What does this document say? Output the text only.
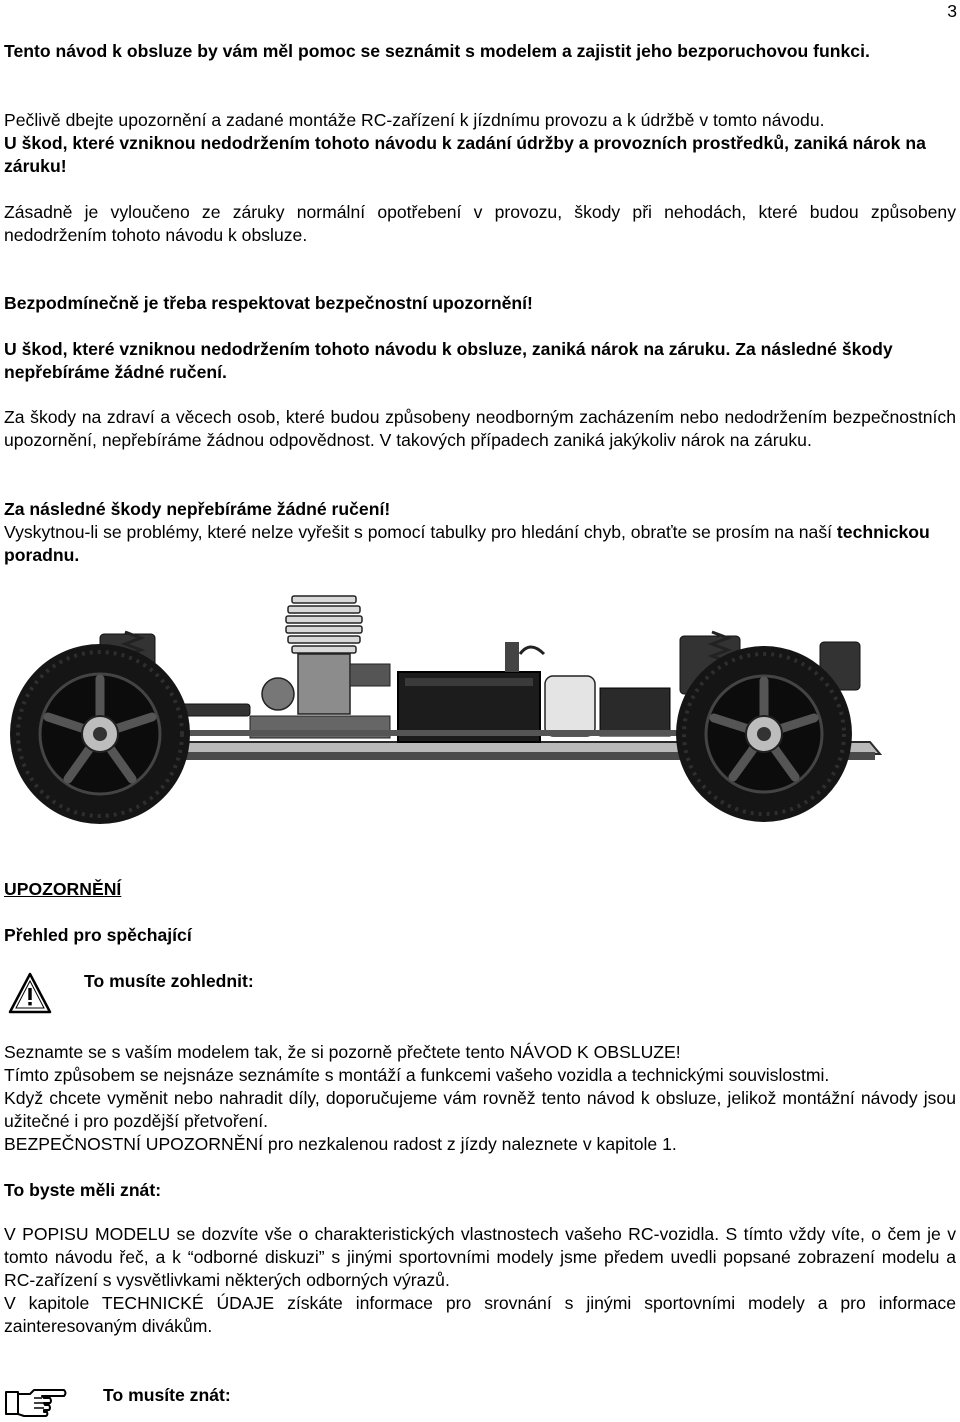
3

Tento návod k obsluze by vám měl pomoc se seznámit s modelem a zajistit jeho bezporuchovou funkci.

Pečlivě dbejte upozornění a zadané montáže RC-zařízení k jízdnímu provozu a k údržbě v tomto návodu.
U škod, které vzniknou nedodržením tohoto návodu k zadání údržby a provozních prostředků, zaniká nárok na záruku!

Zásadně je vyloučeno ze záruky normální opotřebení v provozu, škody při nehodách, které budou způsobeny nedodržením tohoto návodu k obsluze.

Bezpodmínečně je třeba respektovat bezpečnostní upozornění!

U škod, které vzniknou nedodržením tohoto návodu k obsluze, zaniká nárok na záruku. Za následné škody nepřebíráme žádné ručení.

Za škody na zdraví a věcech osob, které budou způsobeny neodborným zacházením nebo nedodržením bezpečnostních upozornění, nepřebíráme žádnou odpovědnost. V takových případech zaniká jakýkoliv nárok na záruku.

Za následné škody nepřebíráme žádné ručení!
Vyskytnou-li se problémy, které nelze vyřešit s pomocí tabulky pro hledání chyb, obraťte se prosím na naší technickou poradnu.

UPOZORNĚNÍ

Přehled pro spěchající

To musíte zohlednit:

Seznamte se s vaším modelem tak, že si pozorně přečtete tento NÁVOD K OBSLUZE!
Tímto způsobem se nejsnáze seznámíte s montáží a funkcemi vašeho vozidla a technickými souvislostmi.

Když chcete vyměnit nebo nahradit díly, doporučujeme vám rovněž tento návod k obsluze, jelikož montážní návody jsou užitečné i pro pozdější přetvoření.
BEZPEČNOSTNÍ UPOZORNĚNÍ pro nezkalenou radost z jízdy naleznete v kapitole 1.

To byste měli znát:

V POPISU MODELU se dozvíte vše o charakteristických vlastnostech vašeho RC-vozidla. S tímto vždy víte, o čem je v tomto návodu řeč, a k “odborné diskuzi” s jinými sportovními modely jsme předem uvedli popsané zobrazení modelu a RC-zařízení s vysvětlivkami některých odborných výrazů.
V kapitole TECHNICKÉ ÚDAJE získáte informace pro srovnání s jinými sportovními modely a pro informace zainteresovaným divákům.

To musíte znát:
